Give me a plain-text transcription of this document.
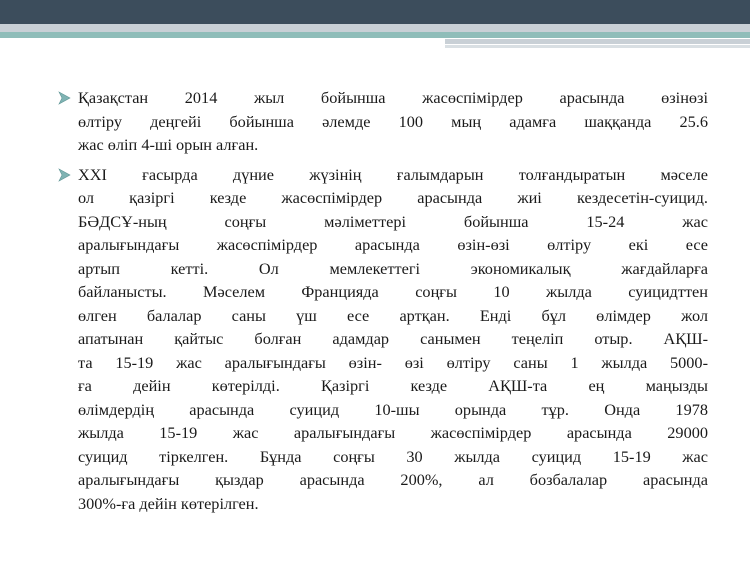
Қазақстан 2014 жыл бойынша жасөспімірдер арасында өзінөзі
өлтіру деңгейі бойынша әлемде 100 мың адамға шаққанда 25.6
жас өліп 4-ші орын алған.
XXI ғасырда дүние жүзінің ғалымдарын толғандыратын мәселе
ол қазіргі кезде жасөспімірдер арасында жиі кездесетін-суицид.
БӘДСҰ-ның соңғы мәліметтері бойынша 15-24 жас
аралығындағы жасөспімірдер арасында өзін-өзі өлтіру екі есе
артып кетті. Ол мемлекеттегі экономикалық жағдайларға
байланысты. Мәселем Францияда соңғы 10 жылда суицидттен
өлген балалар саны үш есе артқан. Енді бұл өлімдер жол
апатынан қайтыс болған адамдар санымен теңеліп отыр. АҚШ-
та 15-19 жас аралығындағы өзін- өзі өлтіру саны 1 жылда 5000-
ға дейін көтерілді. Қазіргі кезде АҚШ-та ең маңызды
өлімдердің арасында суицид 10-шы орында тұр. Онда 1978
жылда 15-19 жас аралығындағы жасөспімірдер арасында 29000
суицид тіркелген. Бұнда соңғы 30 жылда суицид 15-19 жас
аралығындағы қыздар арасында 200%, ал бозбалалар арасында
300%-ға дейін көтерілген.
